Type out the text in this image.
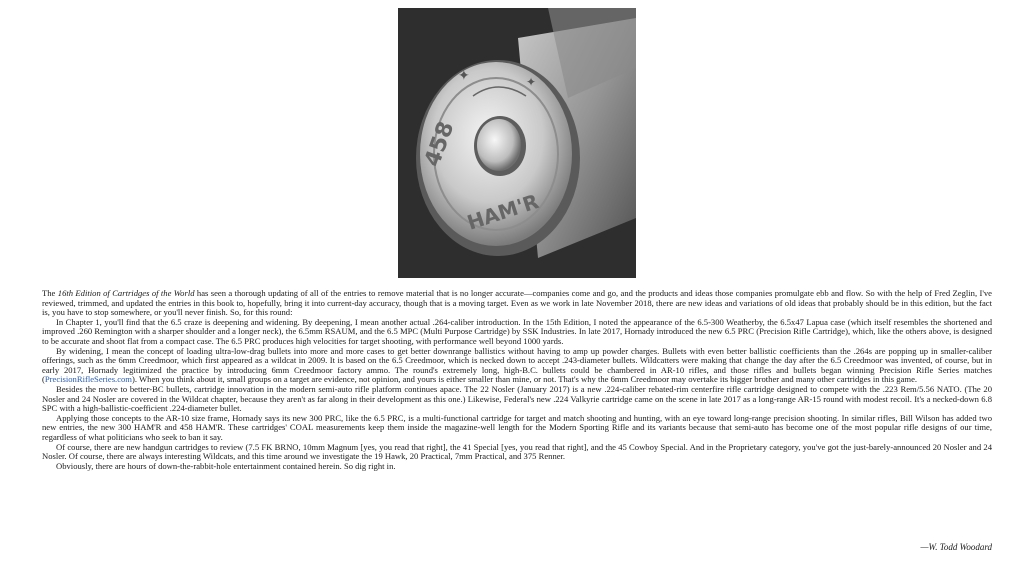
✦	✦
458
HAM'R

The 16th Edition of Cartridges of the World has seen a thorough updating of all of the entries to remove material that is no longer accurate—companies come and go, and the products and ideas those companies promulgate ebb and flow. So with the help of Fred Zeglin, I've reviewed, trimmed, and updated the entries in this book to, hopefully, bring it into current-day accuracy, though that is a moving target. Even as we work in late November 2018, there are new ideas and variations of old ideas that probably should be in this edition, but the fact is, you have to stop somewhere, or you'll never finish. So, for this round:

In Chapter 1, you'll find that the 6.5 craze is deepening and widening. By deepening, I mean another actual .264-caliber introduction. In the 15th Edition, I noted the appearance of the 6.5-300 Weatherby, the 6.5x47 Lapua case (which itself resembles the shortened and improved .260 Remington with a sharper shoulder and a longer neck), the 6.5mm RSAUM, and the 6.5 MPC (Multi Purpose Cartridge) by SSK Industries. In late 2017, Hornady introduced the new 6.5 PRC (Precision Rifle Cartridge), which, like the others above, is designed to be accurate and shoot flat from a compact case. The 6.5 PRC produces high velocities for target shooting, with performance well beyond 1000 yards.

By widening, I mean the concept of loading ultra-low-drag bullets into more and more cases to get better downrange ballistics without having to amp up powder charges. Bullets with even better ballistic coefficients than the .264s are popping up in smaller-caliber offerings, such as the 6mm Creedmoor, which first appeared as a wildcat in 2009. It is based on the 6.5 Creedmoor, which is necked down to accept .243-diameter bullets. Wildcatters were making that change the day after the 6.5 Creedmoor was invented, of course, but in early 2017, Hornady legitimized the practice by introducing 6mm Creedmoor factory ammo. The round's extremely long, high-B.C. bullets could be chambered in AR-10 rifles, and those rifles and bullets began winning Precision Rifle Series matches (PrecisionRifleSeries.com). When you think about it, small groups on a target are evidence, not opinion, and yours is either smaller than mine, or not. That's why the 6mm Creedmoor may overtake its bigger brother and many other cartridges in this game.

Besides the move to better-BC bullets, cartridge innovation in the modern semi-auto rifle platform continues apace. The 22 Nosler (January 2017) is a new .224-caliber rebated-rim centerfire rifle cartridge designed to compete with the .223 Rem/5.56 NATO. (The 20 Nosler and 24 Nosler are covered in the Wildcat chapter, because they aren't as far along in their development as this one.) Likewise, Federal's new .224 Valkyrie cartridge came on the scene in late 2017 as a long-range AR-15 round with modest recoil. It's a necked-down 6.8 SPC with a high-ballistic-coefficient .224-diameter bullet.

Applying those concepts to the AR-10 size frame, Hornady says its new 300 PRC, like the 6.5 PRC, is a multi-functional cartridge for target and match shooting and hunting, with an eye toward long-range precision shooting. In similar rifles, Bill Wilson has added two new entries, the new 300 HAM'R and 458 HAM'R. These cartridges' COAL measurements keep them inside the magazine-well length for the Modern Sporting Rifle and its variants because that semi-auto has become one of the most popular rifle designs of our time, regardless of what politicians who seek to ban it say.

Of course, there are new handgun cartridges to review (7.5 FK BRNO, 10mm Magnum [yes, you read that right], the 41 Special [yes, you read that right], and the 45 Cowboy Special. And in the Proprietary category, you've got the just-barely-announced 20 Nosler and 24 Nosler. Of course, there are always interesting Wildcats, and this time around we investigate the 19 Hawk, 20 Practical, 7mm Practical, and 375 Renner.

Obviously, there are hours of down-the-rabbit-hole entertainment contained herein. So dig right in.

—W. Todd Woodard
